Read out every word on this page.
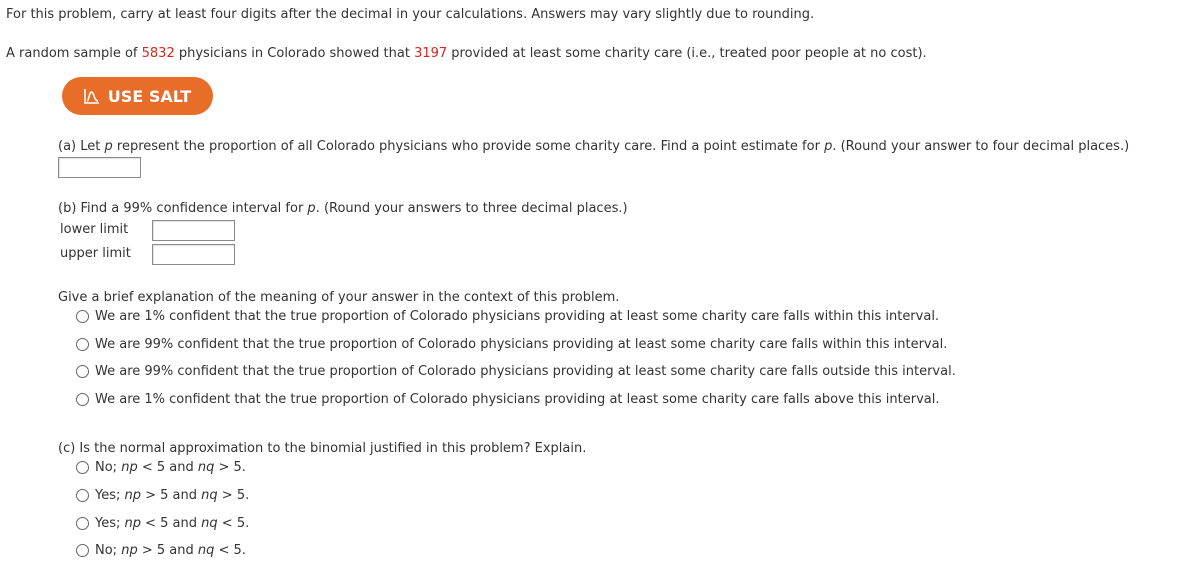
For this problem, carry at least four digits after the decimal in your calculations. Answers may vary slightly due to rounding.
A random sample of 5832 physicians in Colorado showed that 3197 provided at least some charity care (i.e., treated poor people at no cost).
USE SALT
(a) Let p represent the proportion of all Colorado physicians who provide some charity care. Find a point estimate for p. (Round your answer to four decimal places.)
(b) Find a 99% confidence interval for p. (Round your answers to three decimal places.)
lower limit
upper limit
Give a brief explanation of the meaning of your answer in the context of this problem.
We are 1% confident that the true proportion of Colorado physicians providing at least some charity care falls within this interval.
We are 99% confident that the true proportion of Colorado physicians providing at least some charity care falls within this interval.
We are 99% confident that the true proportion of Colorado physicians providing at least some charity care falls outside this interval.
We are 1% confident that the true proportion of Colorado physicians providing at least some charity care falls above this interval.
(c) Is the normal approximation to the binomial justified in this problem? Explain.
No; np < 5 and nq > 5.
Yes; np > 5 and nq > 5.
Yes; np < 5 and nq < 5.
No; np > 5 and nq < 5.
